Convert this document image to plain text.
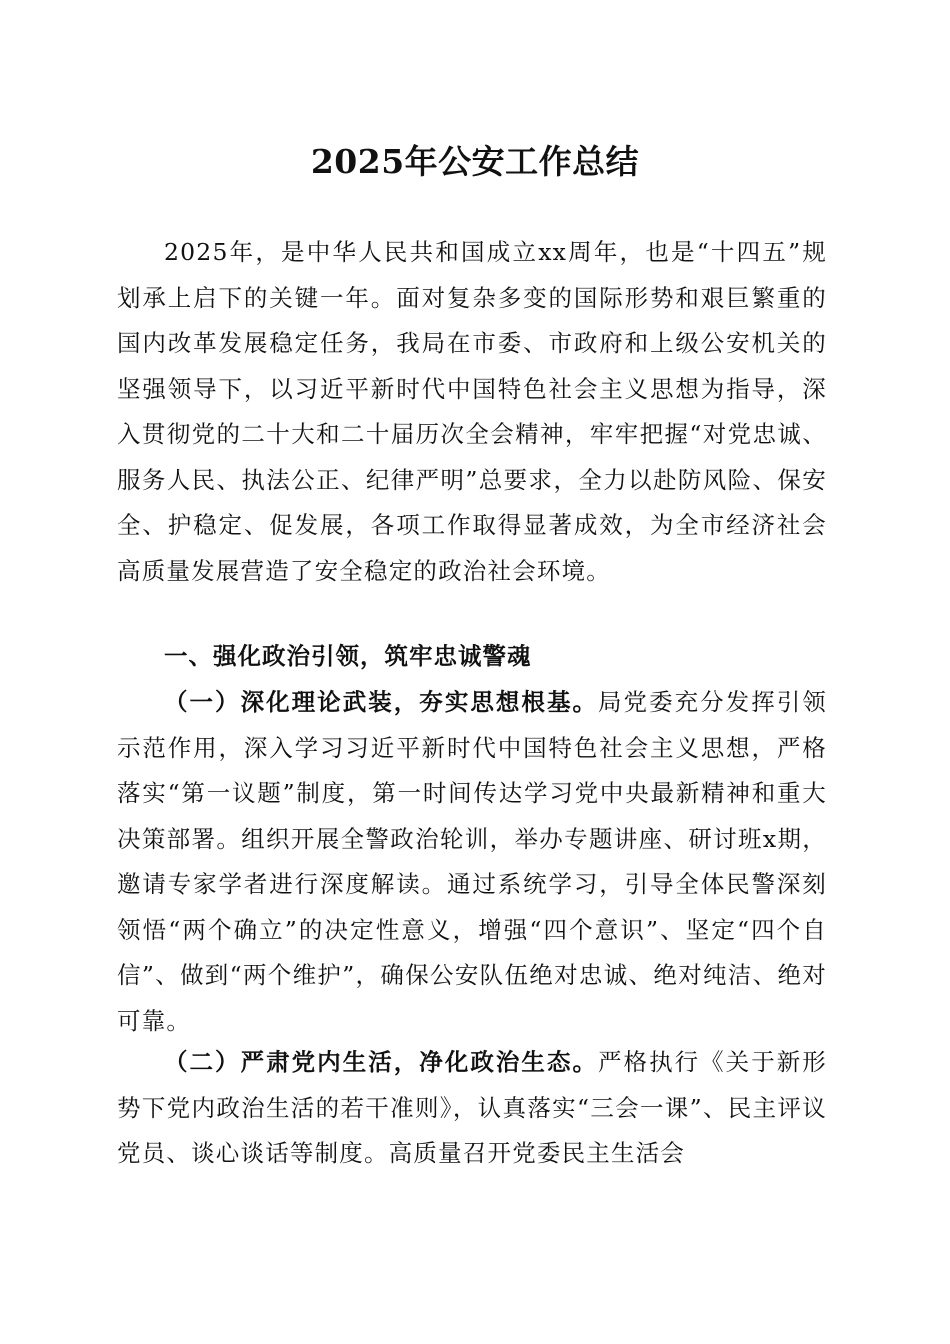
2025年公安工作总结

2025年，是中华人民共和国成立xx周年，也是“十四五”规划承上启下的关键一年。面对复杂多变的国际形势和艰巨繁重的国内改革发展稳定任务，我局在市委、市政府和上级公安机关的坚强领导下，以习近平新时代中国特色社会主义思想为指导，深入贯彻党的二十大和二十届历次全会精神，牢牢把握“对党忠诚、服务人民、执法公正、纪律严明”总要求，全力以赴防风险、保安全、护稳定、促发展，各项工作取得显著成效，为全市经济社会高质量发展营造了安全稳定的政治社会环境。

一、强化政治引领，筑牢忠诚警魂

（一）深化理论武装，夯实思想根基。局党委充分发挥引领示范作用，深入学习习近平新时代中国特色社会主义思想，严格落实“第一议题”制度，第一时间传达学习党中央最新精神和重大决策部署。组织开展全警政治轮训，举办专题讲座、研讨班x期，邀请专家学者进行深度解读。通过系统学习，引导全体民警深刻领悟“两个确立”的决定性意义，增强“四个意识”、坚定“四个自信”、做到“两个维护”，确保公安队伍绝对忠诚、绝对纯洁、绝对可靠。

（二）严肃党内生活，净化政治生态。严格执行《关于新形势下党内政治生活的若干准则》，认真落实“三会一课”、民主评议党员、谈心谈话等制度。高质量召开党委民主生活会
